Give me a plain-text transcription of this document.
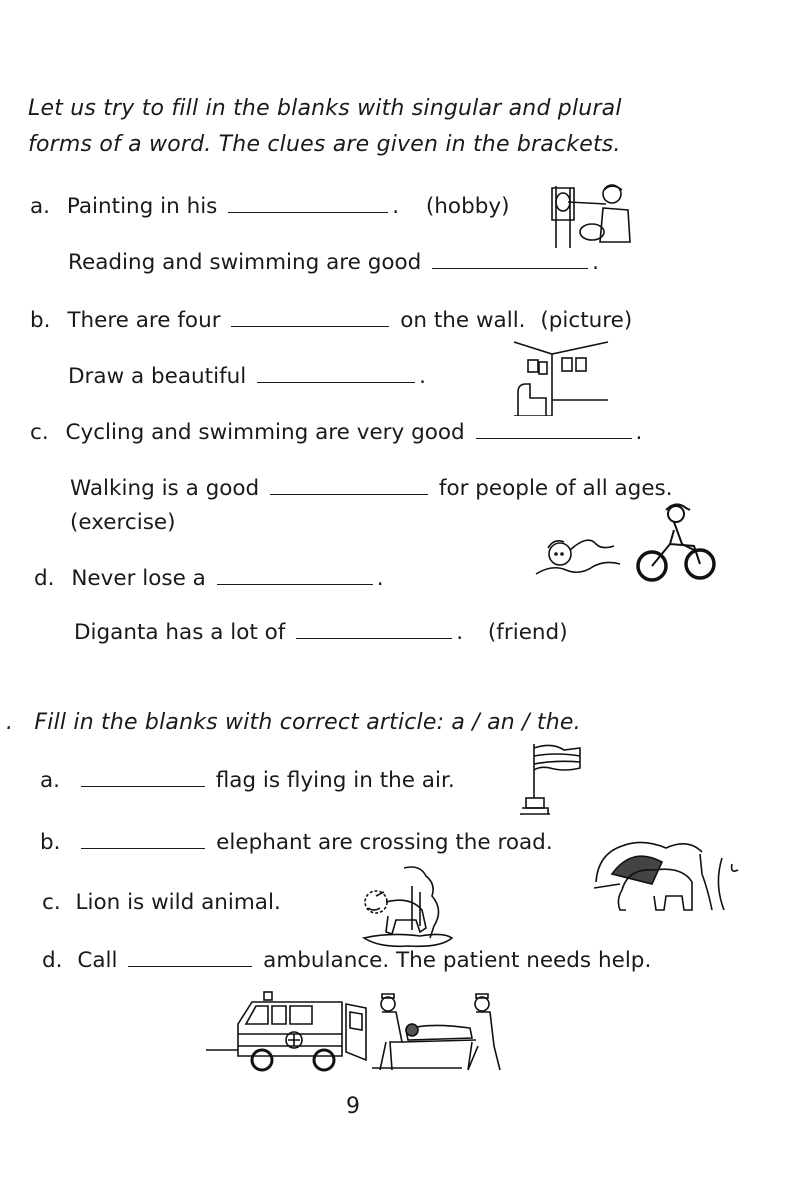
Let us try to fill in the blanks with singular and plural
forms of a word. The clues are given in the brackets.
a. Painting in his	. (hobby)
Reading and swimming are good	.
b. There are four	on the wall. (picture)
Draw a beautiful	.
c. Cycling and swimming are very good	.
Walking is a good	for people of all ages.
(exercise)
d. Never lose a	.
Diganta has a lot of	. (friend)
. Fill in the blanks with correct article: a / an / the.
a.	flag is flying in the air.
b.	elephant are crossing the road.
c. Lion is wild animal.
d. Call	ambulance. The patient needs help.
9
